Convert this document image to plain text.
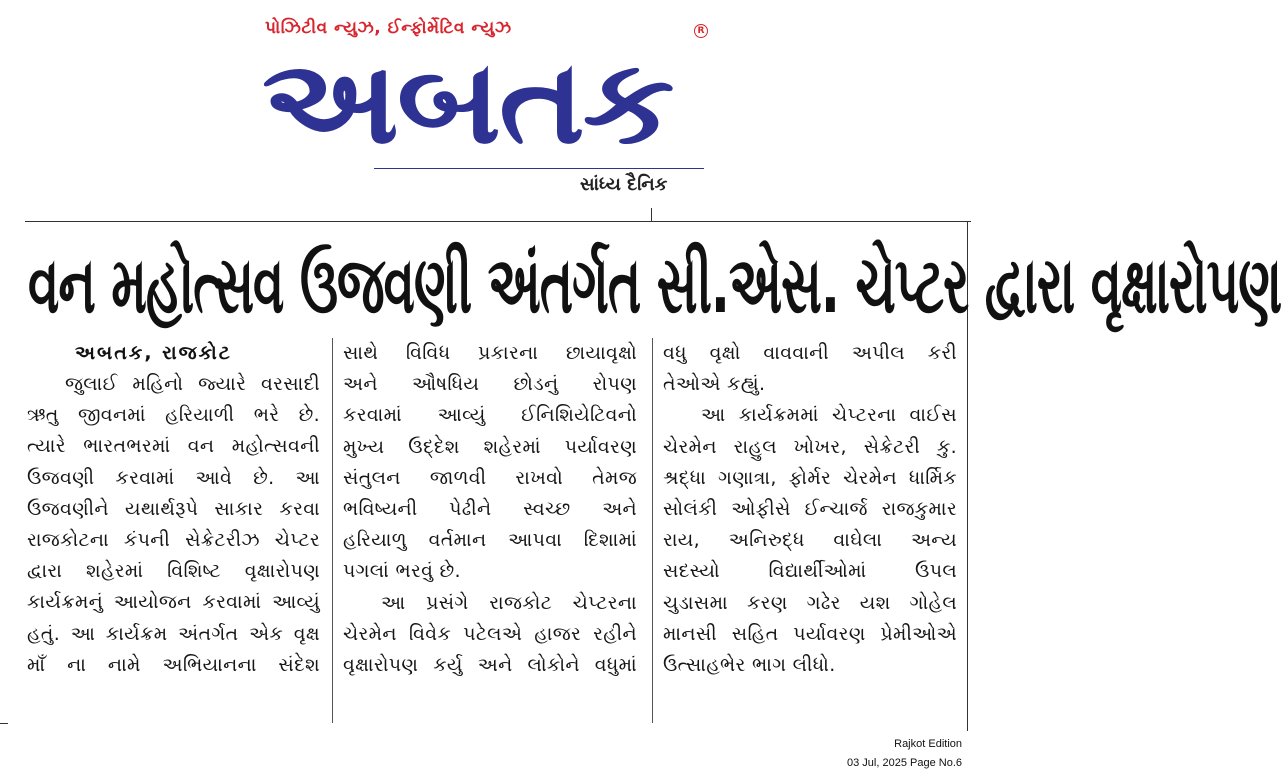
પોઝિટીવ ન્યુઝ, ઈન્ફોર્મેટિવ ન્યુઝ	R
અબતક
સાંધ્ય દૈનિક
વન મહોત્સવ ઉજવણી અંતર્ગત સી.એસ. ચેપ્ટર દ્વારા વૃક્ષારોપણ
અબતક, રાજકોટ
જુલાઈ મહિનો જ્યારે વરસાદી
ઋતુ જીવનમાં હરિયાળી ભરે છે.
ત્યારે ભારતભરમાં વન મહોત્સવની
ઉજવણી કરવામાં આવે છે. આ
ઉજવણીને યથાર્થરૂપે સાકાર કરવા
રાજકોટના કંપની સેક્રેટરીઝ ચેપ્ટર
દ્વારા શહેરમાં વિશિષ્ટ વૃક્ષારોપણ
કાર્યક્રમનું આયોજન કરવામાં આવ્યું
હતું. આ કાર્યક્રમ અંતર્ગત એક વૃક્ષ
માઁ ના નામે અભિયાનના સંદેશ
સાથે વિવિધ પ્રકારના છાયાવૃક્ષો
અને ઔષધિય છોડનું રોપણ
કરવામાં આવ્યું ઈનિશિયેટિવનો
મુખ્ય ઉદ્દેશ શહેરમાં પર્યાવરણ
સંતુલન જાળવી રાખવો તેમજ
ભવિષ્યની પેઢીને સ્વચ્છ અને
હરિયાળુ વર્તમાન આપવા દિશામાં
પગલાં ભરવું છે.
આ પ્રસંગે રાજકોટ ચેપ્ટરના
ચેરમેન વિવેક પટેલએ હાજર રહીને
વૃક્ષારોપણ કર્યુ અને લોકોને વધુમાં
વધુ વૃક્ષો વાવવાની અપીલ કરી
તેઓએ કહ્યું.
આ કાર્યક્રમમાં ચેપ્ટરના વાઈસ
ચેરમેન રાહુલ ખોખર, સેક્રેટરી કુ.
શ્રદ્ધા ગણાત્રા, ફોર્મર ચેરમેન ધાર્મિક
સોલંકી ઓફીસે ઈન્ચાર્જ રાજકુમાર
રાય, અનિરુદ્ધ વાઘેલા અન્ય
સદસ્યો વિદ્યાર્થીઓમાં ઉપલ
ચુડાસમા કરણ ગઢેર યશ ગોહેલ
માનસી સહિત પર્યાવરણ પ્રેમીઓએ
ઉત્સાહભેર ભાગ લીધો.
Rajkot Edition
03 Jul, 2025 Page No.6
